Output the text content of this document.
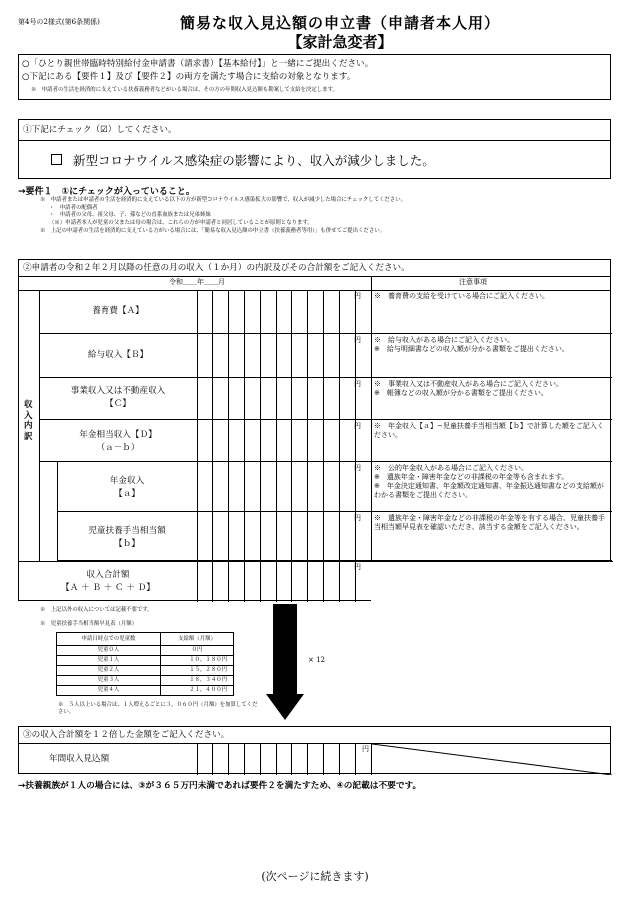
第4号の2様式(第6条関係)	簡易な収入見込額の申立書（申請者本人用）
【家計急変者】
○「ひとり親世帯臨時特別給付金申請書（請求書）【基本給付】」と一緒にご提出ください。
○下記にある【要件１】及び【要件２】の両方を満たす場合に支給の対象となります。
※　申請者の生活を経済的に支えている扶養義務者などがいる場合は、その方の年間収入見込額も勘案して支給を決定します。
①下記にチェック（☑）してください。
新型コロナウイルス感染症の影響により、収入が減少しました。
→要件１　①にチェックが入っていること。
※　申請者または申請者の生活を経済的に支えている以下の方が新型コロナウイルス感染拡大の影響で、収入が減少した場合にチェックしてください。
・　申請者の配偶者
・　申請者の父母、祖父母、子、孫などの直系血族または兄弟姉妹
（※）申請者本人が児童の父または母の場合は、これらの方が申請者と同居していることが原則となります。
※　上記の申請者の生活を経済的に支えている方がいる場合には、「簡易な収入見込額の申立書（扶養義務者等用）」も併せてご提出ください。
②申請者の令和２年２月以降の任意の月の収入（１か月）の内訳及びその合計額をご記入ください。
令和＿＿年＿＿月	注意事項
収入内訳
養育費【Ａ】
円 ※　養育費の支給を受けている場合にご記入ください。
給与収入【Ｂ】
円 ※　給与収入がある場合にご記入ください。
※　給与明細書などの収入額が分かる書類をご提出ください。
事業収入又は不動産収入
【Ｃ】
円 ※　事業収入又は不動産収入がある場合にご記入ください。
※　帳簿などの収入額が分かる書類をご提出ください。
年金相当収入【Ｄ】
（ａ－ｂ）
円 ※　年金収入【ａ】−児童扶養手当相当額【ｂ】で計算した額をご記入ください。
年金収入
【ａ】
円 ※　公的年金収入がある場合にご記入ください。
※　遺族年金・障害年金などの非課税の年金等も含まれます。
※　年金決定通知書、年金額改定通知書、年金振込通知書などの支給額がわかる書類をご提出ください。
児童扶養手当相当額
【ｂ】
円 ※　遺族年金・障害年金などの非課税の年金等を有する場合、児童扶養手当相当額早見表を確認いただき、該当する金額をご記入ください。
収入合計額
【Ａ ＋ Ｂ ＋ Ｃ ＋ Ｄ】
円
※　上記以外の収入については記載不要です。
※　児童扶養手当相当額早見表（月額）
申請日時点での児童数	支給額（月額）
児童０人	０円
児童１人	１０，１８０円
児童２人	１５，２８０円
児童３人	１８，３４０円
児童４人	２１，４００円
※　５人以上いる場合は、１人増えるごとに３，０６０円（月額）を加算してください。
× 12
③の収入合計額を１２倍した金額をご記入ください。
年間収入見込額
円
→扶養親族が１人の場合には、③が３６５万円未満であれば要件２を満たすため、④の記載は不要です。
(次ページに続きます)
